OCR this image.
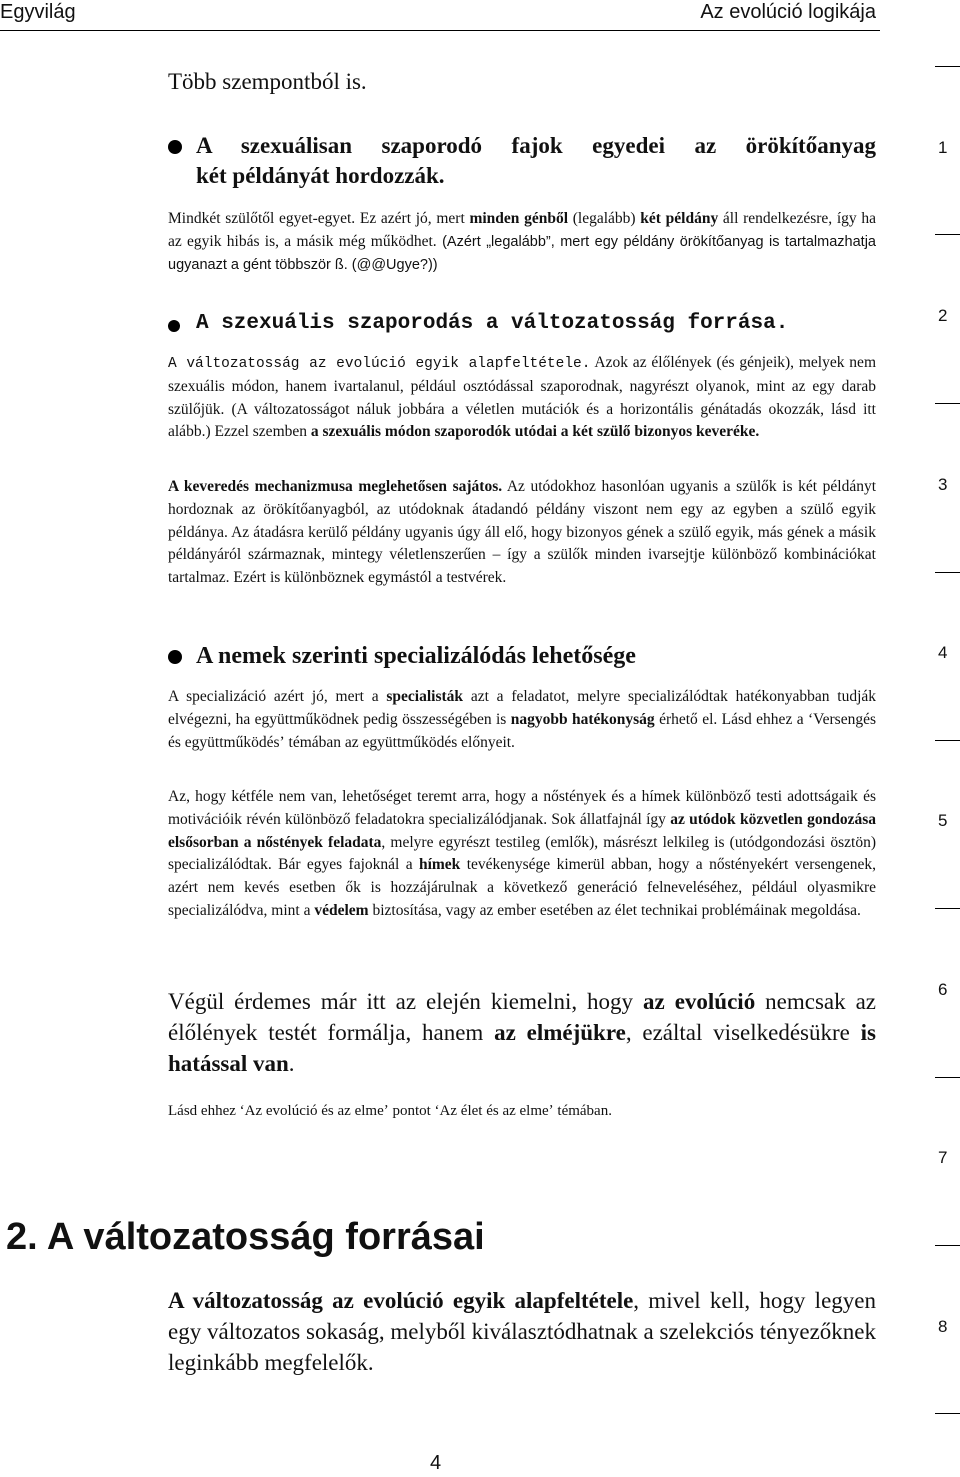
Egyvilág	Az evolúció logikája

Több szempontból is.

A szexuálisan szaporodó fajok egyedei az örökítőanyag
két példányát hordozzák.

Mindkét szülőtől egyet-egyet. Ez azért jó, mert minden génből (legalább) két példány áll rendelkezésre, így ha az egyik hibás is, a másik még működhet. (Azért „legalább”, mert egy példány örökítőanyag is tartalmazhatja ugyanazt a gént többször ß. (@@Ugye?))

A szexuális szaporodás a változatosság forrása.

A változatosság az evolúció egyik alapfeltétele. Azok az élőlények (és génjeik), melyek nem szexuális módon, hanem ivartalanul, például osztódással szaporodnak, nagyrészt olyanok, mint az egy darab szülőjük. (A változatosságot náluk jobbára a véletlen mutációk és a horizontális génátadás okozzák, lásd itt alább.) Ezzel szemben a szexuális módon szaporodók utódai a két szülő bizonyos keveréke.

A keveredés mechanizmusa meglehetősen sajátos. Az utódokhoz hasonlóan ugyanis a szülők is két példányt hordoznak az örökítőanyagból, az utódoknak átadandó példány viszont nem egy az egyben a szülő egyik példánya. Az átadásra kerülő példány ugyanis úgy áll elő, hogy bizonyos gének a szülő egyik, más gének a másik példányáról származnak, mintegy véletlenszerűen – így a szülők minden ivarsejtje különböző kombinációkat tartalmaz. Ezért is különböznek egymástól a testvérek.

A nemek szerinti specializálódás lehetősége

A specializáció azért jó, mert a specialisták azt a feladatot, melyre specializálódtak hatékonyabban tudják elvégezni, ha együttműködnek pedig összességében is nagyobb hatékonyság érhető el. Lásd ehhez a ʻVersengés és együttműködésʼ témában az együttműködés előnyeit.

Az, hogy kétféle nem van, lehetőséget teremt arra, hogy a nőstények és a hímek különböző testi adottságaik és motivációik révén különböző feladatokra specializálódjanak. Sok állatfajnál így az utódok közvetlen gondozása elsősorban a nőstények feladata, melyre egyrészt testileg (emlők), másrészt lelkileg is (utódgondozási ösztön) specializálódtak. Bár egyes fajoknál a hímek tevékenysége kimerül abban, hogy a nőstényekért versengenek, azért nem kevés esetben ők is hozzájárulnak a következő generáció felneveléséhez, például olyasmikre specializálódva, mint a védelem biztosítása, vagy az ember esetében az élet technikai problémáinak megoldása.

Végül érdemes már itt az elején kiemelni, hogy az evolúció nemcsak az élőlények testét formálja, hanem az elméjükre, ezáltal viselkedésükre is hatással van.

Lásd ehhez ʻAz evolúció és az elmeʼ pontot ʻAz élet és az elmeʼ témában.

2. A változatosság forrásai

A változatosság az evolúció egyik alapfeltétele, mivel kell, hogy legyen egy változatos sokaság, melyből kiválasztódhatnak a szelekciós tényezőknek leginkább megfelelők.

1
2
3
4
5
6
7
8
4
